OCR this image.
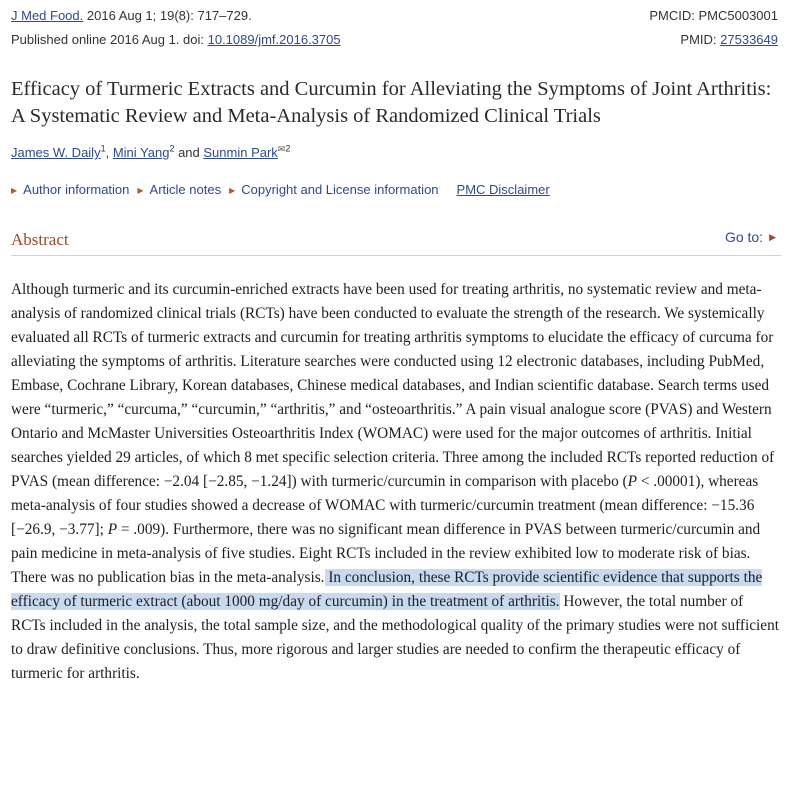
J Med Food. 2016 Aug 1; 19(8): 717–729.	PMCID: PMC5003001
Published online 2016 Aug 1. doi: 10.1089/jmf.2016.3705	PMID: 27533649
Efficacy of Turmeric Extracts and Curcumin for Alleviating the Symptoms of Joint Arthritis: A Systematic Review and Meta-Analysis of Randomized Clinical Trials
James W. Daily$^1$, Mini Yang$^2$ and Sunmin Park✉$^2$
▶ Author information ▶ Article notes ▶ Copyright and License information PMC Disclaimer
Abstract	Go to: ▶
Although turmeric and its curcumin-enriched extracts have been used for treating arthritis, no systematic review and meta-analysis of randomized clinical trials (RCTs) have been conducted to evaluate the strength of the research. We systemically evaluated all RCTs of turmeric extracts and curcumin for treating arthritis symptoms to elucidate the efficacy of curcuma for alleviating the symptoms of arthritis. Literature searches were conducted using 12 electronic databases, including PubMed, Embase, Cochrane Library, Korean databases, Chinese medical databases, and Indian scientific database. Search terms used were “turmeric,” “curcuma,” “curcumin,” “arthritis,” and “osteoarthritis.” A pain visual analogue score (PVAS) and Western Ontario and McMaster Universities Osteoarthritis Index (WOMAC) were used for the major outcomes of arthritis. Initial searches yielded 29 articles, of which 8 met specific selection criteria. Three among the included RCTs reported reduction of PVAS (mean difference: −2.04 [−2.85, −1.24]) with turmeric/curcumin in comparison with placebo (P < .00001), whereas meta-analysis of four studies showed a decrease of WOMAC with turmeric/curcumin treatment (mean difference: −15.36 [−26.9, −3.77]; P = .009). Furthermore, there was no significant mean difference in PVAS between turmeric/curcumin and pain medicine in meta-analysis of five studies. Eight RCTs included in the review exhibited low to moderate risk of bias. There was no publication bias in the meta-analysis. In conclusion, these RCTs provide scientific evidence that supports the efficacy of turmeric extract (about 1000 mg/day of curcumin) in the treatment of arthritis. However, the total number of RCTs included in the analysis, the total sample size, and the methodological quality of the primary studies were not sufficient to draw definitive conclusions. Thus, more rigorous and larger studies are needed to confirm the therapeutic efficacy of turmeric for arthritis.
